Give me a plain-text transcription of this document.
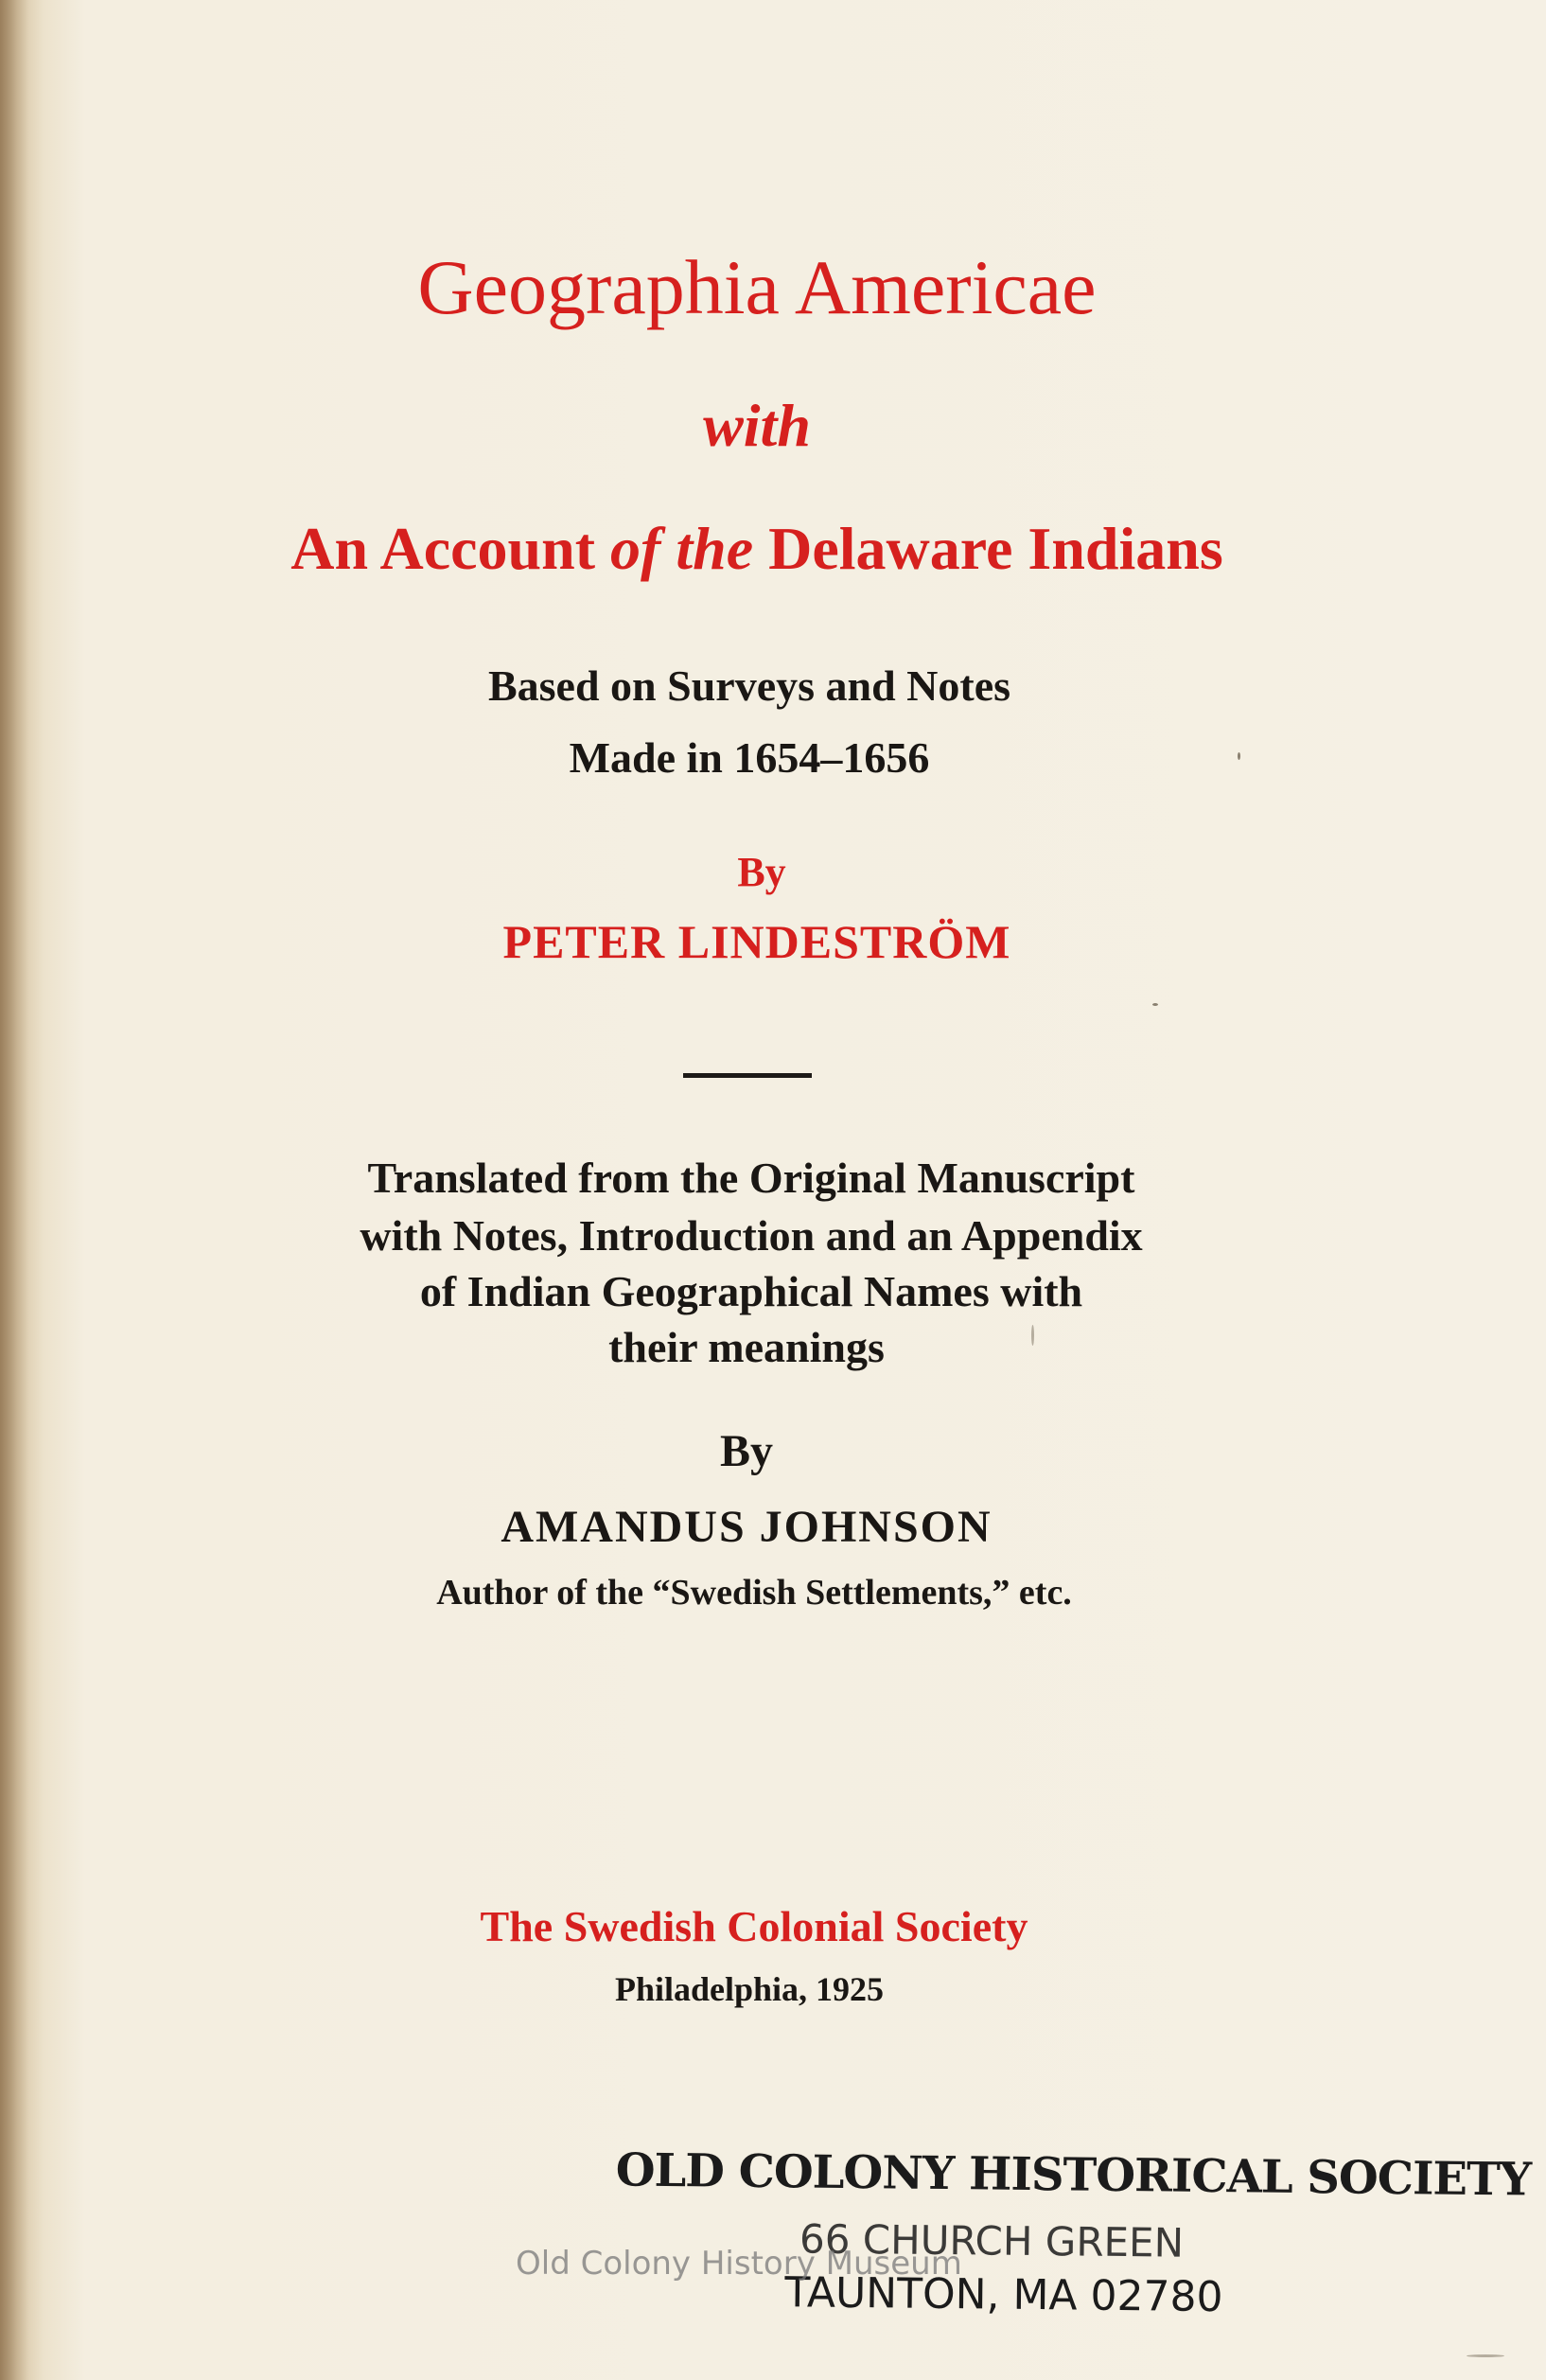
Geographia Americae
with
An Account of the Delaware Indians
Based on Surveys and Notes
Made in 1654–1656
By
PETER LINDESTRÖM
Translated from the Original Manuscript
with Notes, Introduction and an Appendix
of Indian Geographical Names with
their meanings
By
AMANDUS JOHNSON
Author of the “Swedish Settlements,” etc.
The Swedish Colonial Society
Philadelphia, 1925
OLD COLONY HISTORICAL SOCIETY
66 CHURCH GREEN
TAUNTON, MA 02780
Old Colony History Museum
